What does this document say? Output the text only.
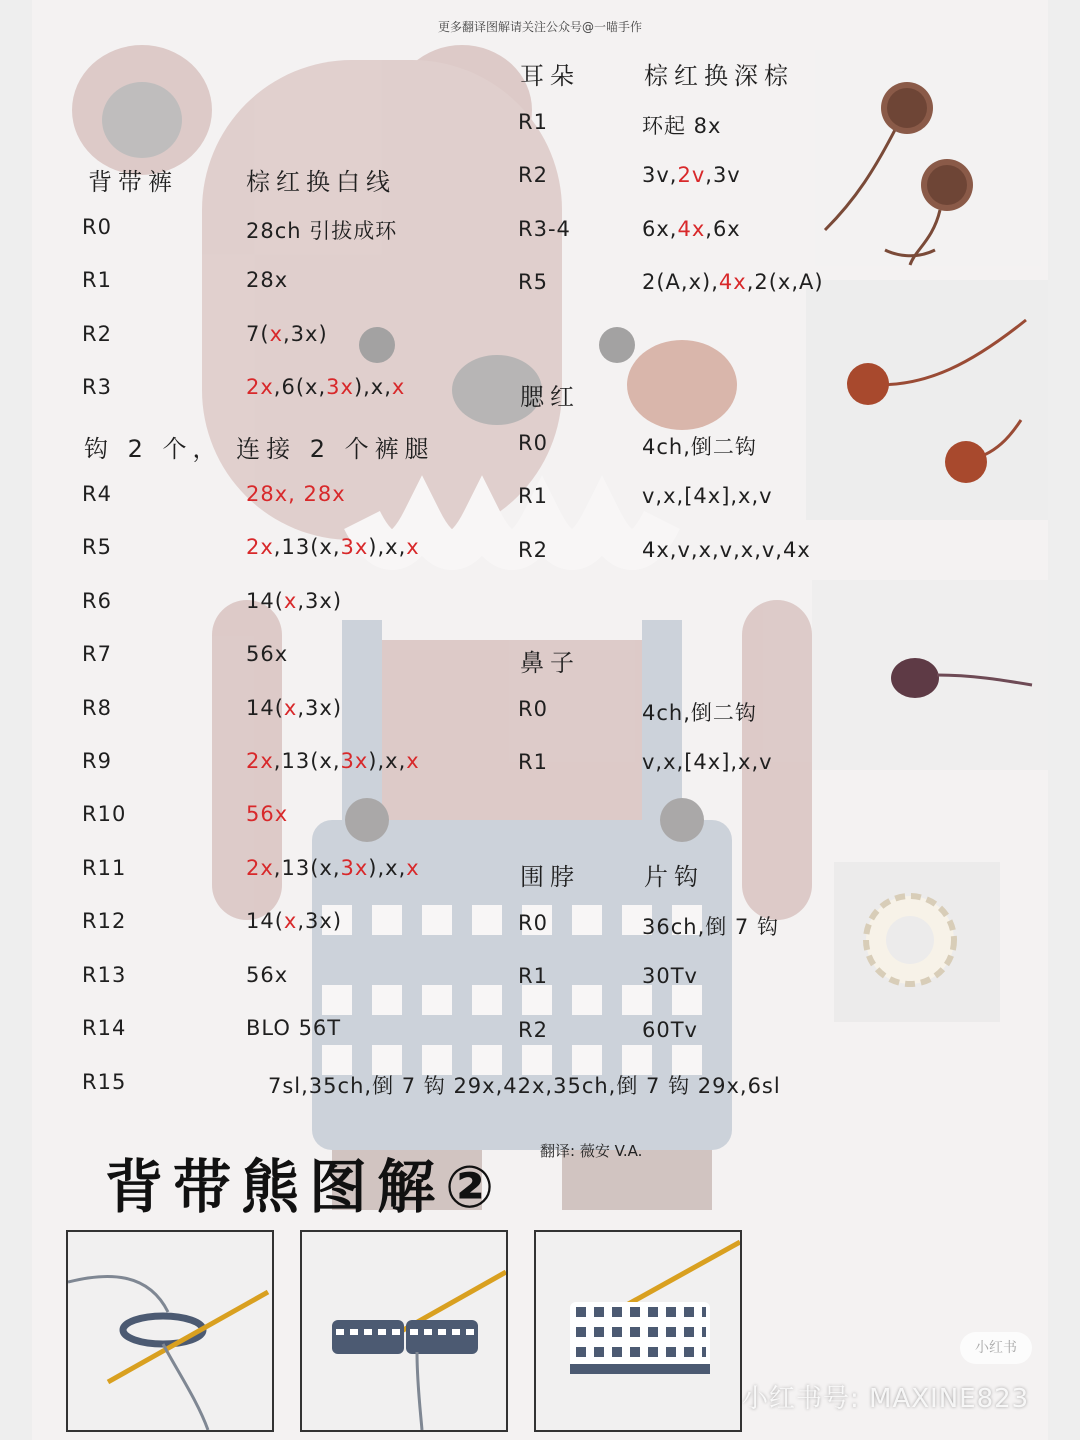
更多翻译图解请关注公众号@一喵手作
背带裤	棕红换白线
R0	28ch 引拔成环
R1	28x
R2	7(x,3x)
R3	2x,6(x,3x),x,x
钩 2 个， 连接 2 个裤腿
R4	28x, 28x
R5	2x,13(x,3x),x,x
R6	14(x,3x)
R7	56x
R8	14(x,3x)
R9	2x,13(x,3x),x,x
R10	56x
R11	2x,13(x,3x),x,x
R12	14(x,3x)
R13	56x
R14	BLO 56T
R15	7sl,35ch,倒 7 钩 29x,42x,35ch,倒 7 钩 29x,6sl
耳朵	棕红换深棕
R1	环起 8x
R2	3v,2v,3v
R3-4	6x,4x,6x
R5	2(A,x),4x,2(x,A)
腮红
R0	4ch,倒二钩
R1	v,x,[4x],x,v
R2	4x,v,x,v,x,v,4x
鼻子
R0	4ch,倒二钩
R1	v,x,[4x],x,v
围脖	片钩
R0	36ch,倒 7 钩
R1	30Tv
R2	60Tv
背带熊图解②
翻译: 薇安 V.A.
小红书
小红书号: MAXINE823
